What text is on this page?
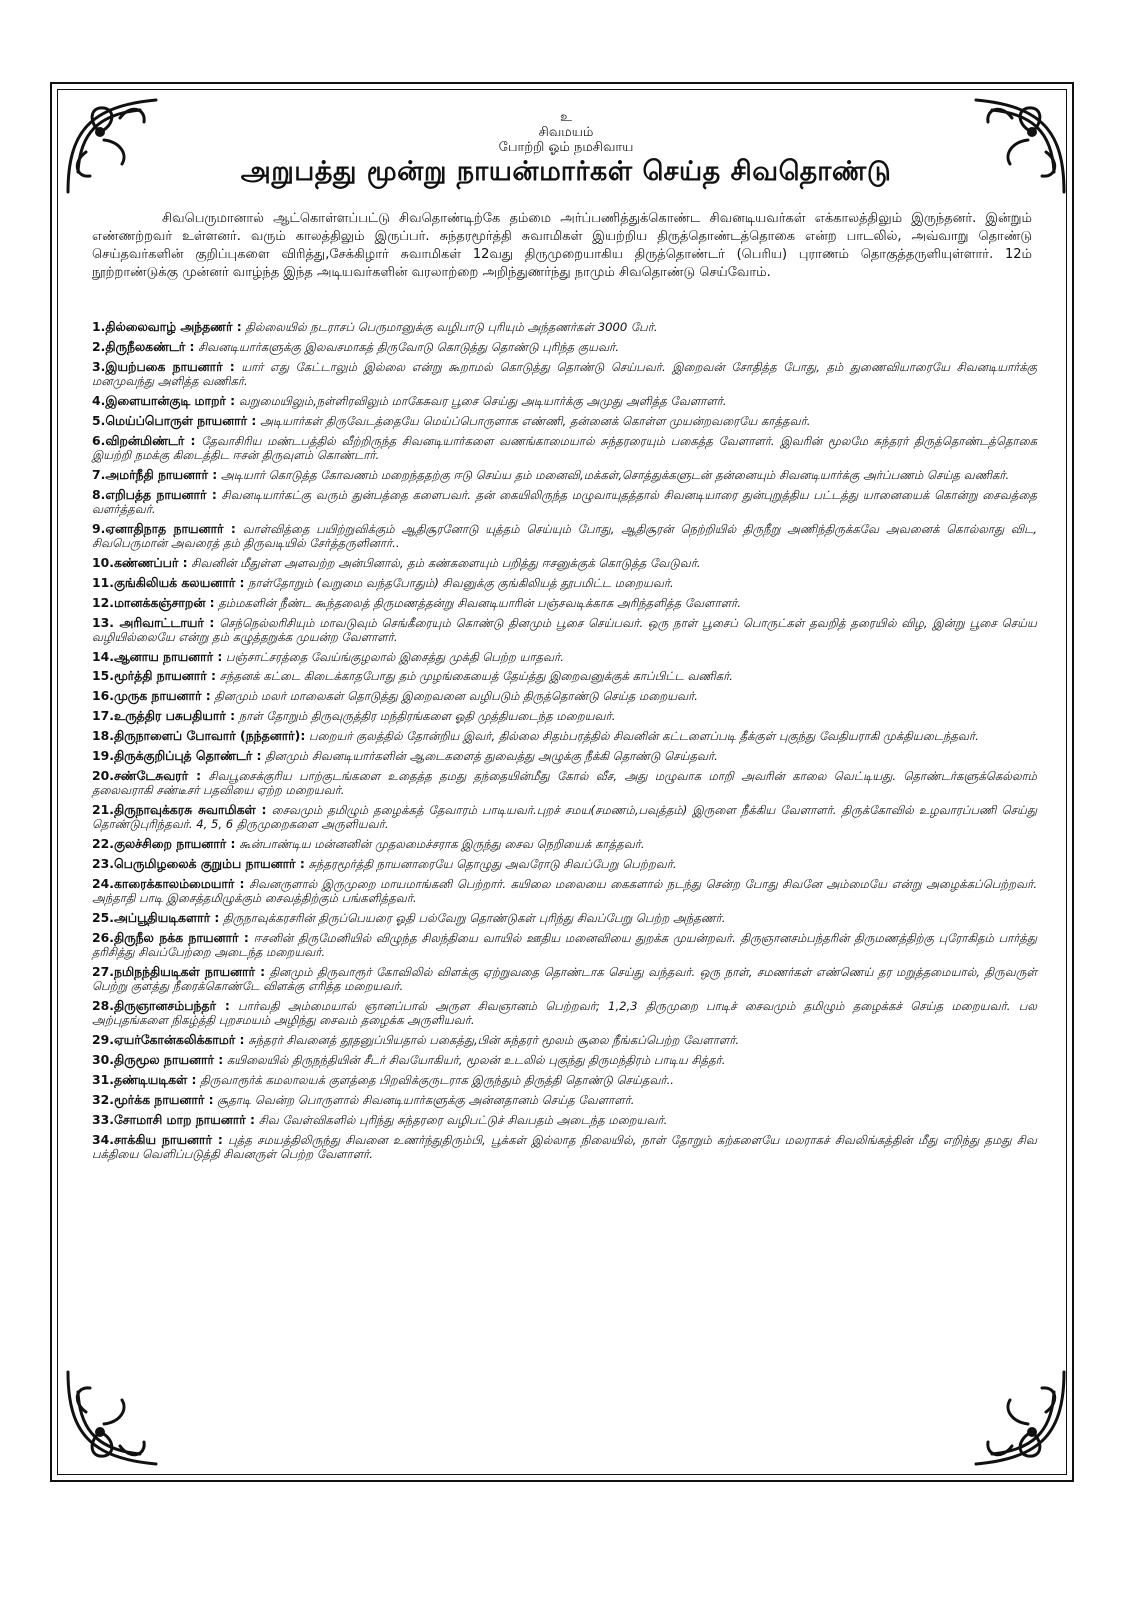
உ
சிவமயம்
போற்றி ஓம் நமசிவாய
அறுபத்து மூன்று நாயன்மார்கள் செய்த சிவதொண்டு

சிவபெருமானால் ஆட்கொள்ளப்பட்டு சிவதொண்டிற்கே தம்மை அர்ப்பணித்துக்கொண்ட சிவனடியவர்கள் எக்காலத்திலும் இருந்தனர். இன்றும் எண்ணற்றவர் உள்ளனர். வரும் காலத்திலும் இருப்பர். சுந்தரமூர்த்தி சுவாமிகள் இயற்றிய திருத்தொண்டத்தொகை என்ற பாடலில், அவ்வாறு தொண்டு செய்தவர்களின் குறிப்புகளை விரித்து,சேக்கிழார் சுவாமிகள் 12வது திருமுறையாகிய திருத்தொண்டர் (பெரிய) புராணம் தொகுத்தருளியுள்ளார். 12ம் நூற்றாண்டுக்கு முன்னர் வாழ்ந்த இந்த அடியவர்களின் வரலாற்றை அறிந்துணர்ந்து நாமும் சிவதொண்டு செய்வோம்.

1.தில்லைவாழ் அந்தணர் : தில்லையில் நடராசப் பெருமானுக்கு வழிபாடு புரியும் அந்தணர்கள் 3000 பேர்.
2.திருநீலகண்டர் : சிவனடியார்களுக்கு இலவசமாகத் திருவோடு கொடுத்து தொண்டு புரிந்த குயவர்.
3.இயற்பகை நாயனார் : யார் எது கேட்டாலும் இல்லை என்று கூறாமல் கொடுத்து தொண்டு செய்பவர். இறைவன் சோதித்த போது, தம் துணைவியாரையே சிவனடியார்க்கு மனமுவந்து அளித்த வணிகர்.
4.இளையான்குடி மாறர் : வறுமையிலும்,நள்ளிரவிலும் மாகேசுவர பூசை செய்து அடியார்க்கு அமுது அளித்த வேளாளர்.
5.மெய்ப்பொருள் நாயனார் : அடியார்கள் திருவேடத்தையே மெய்ப்பொருளாக எண்ணி, தன்னைக் கொள்ள முயன்றவரையே காத்தவர்.
6.விறன்மிண்டர் : தேவாசிரிய மண்டபத்தில் வீற்றிருந்த சிவனடியார்களை வணங்காமையால் சுந்தரரையும் பகைத்த வேளாளர். இவரின் மூலமே சுந்தரர் திருத்தொண்டத்தொகை இயற்றி நமக்கு கிடைத்திட ஈசன் திருவுளம் கொண்டார்.
7.அமர்நீதி நாயனார் : அடியார் கொடுத்த கோவணம் மறைந்ததற்கு ஈடு செய்ய தம் மனைவி,மக்கள்,சொத்துக்களுடன் தன்னையும் சிவனடியார்க்கு அர்ப்பணம் செய்த வணிகர்.
8.எறிபத்த நாயனார் : சிவனடியார்கட்கு வரும் துன்பத்தை களைபவர். தன் கையிலிருந்த மழுவாயுதத்தால் சிவனடியாரை துன்புறுத்திய பட்டத்து யானையைக் கொன்று சைவத்தை வளர்த்தவர்.
9.ஏனாதிநாத நாயனார் : வாள்வித்தை பயிற்றுவிக்கும் ஆதிசூரனோடு யுத்தம் செய்யும் போது, ஆதிசூரன் நெற்றியில் திருநீறு அணிந்திருக்கவே அவனைக் கொல்லாது விட, சிவபெருமான் அவரைத் தம் திருவடியில் சேர்த்தருளினார்..
10.கண்ணப்பர் : சிவனின் மீதுள்ள அளவற்ற அன்பினால், தம் கண்களையும் பறித்து ஈசனுக்குக் கொடுத்த வேடுவர்.
11.குங்கிலியக் கலயனார் : நாள்தோறும் (வறுமை வந்தபோதும்) சிவனுக்கு குங்கிலியத் தூபமிட்ட மறையவர்.
12.மானக்கஞ்சாறன் : தம்மகளின் நீண்ட கூந்தலைத் திருமணத்தன்று சிவனடியாரின் பஞ்சவடிக்காக அரிந்தளித்த வேளாளர்.
13. அரிவாட்டாயர் : செந்நெல்லரிசியும் மாவடுவும் செங்கீரையும் கொண்டு தினமும் பூசை செய்பவர். ஒரு நாள் பூசைப் பொருட்கள் தவறித் தரையில் விழ, இன்று பூசை செய்ய வழியில்லையே என்று தம் கழுத்தறுக்க முயன்ற வேளாளர்.
14.ஆனாய நாயனார் : பஞ்சாட்சரத்தை வேய்ங்குழலால் இசைத்து முக்தி பெற்ற யாதவர்.
15.மூர்த்தி நாயனார் : சந்தனக் கட்டை கிடைக்காதபோது தம் முழங்கையைத் தேய்த்து இறைவனுக்குக் காப்பிட்ட வணிகர்.
16.முருக நாயனார் : தினமும் மலர் மாலைகள் தொடுத்து இறைவனை வழிபடும் திருத்தொண்டு செய்த மறையவர்.
17.உருத்திர பசுபதியார் : நாள் தோறும் திருவுருத்திர மந்திரங்களை ஓதி முத்தியடைந்த மறையவர்.
18.திருநாளைப் போவார் (நந்தனார்): பறையர் குலத்தில் தோன்றிய இவர், தில்லை சிதம்பரத்தில் சிவனின் கட்டளைப்படி தீக்குள் புகுந்து வேதியராகி முக்தியடைந்தவர்.
19.திருக்குறிப்புத் தொண்டர் : தினமும் சிவனடியார்களின் ஆடைகளைத் துவைத்து அழுக்கு நீக்கி தொண்டு செய்தவர்.
20.சண்டேசுவரர் : சிவபூசைக்குரிய பாற்குடங்களை உதைத்த தமது தந்தையின்மீது கோல் வீச, அது மழுவாக மாறி அவரின் காலை வெட்டியது. தொண்டர்களுக்கெல்லாம் தலைவராகி சண்டீசர் பதவியை ஏற்ற மறையவர்.
21.திருநாவுக்கரசு சுவாமிகள் : சைவமும் தமிழும் தழைக்கத் தேவாரம் பாடியவர்.புறச் சமய(சமணம்,பவுத்தம்) இருளை நீக்கிய வேளாளர். திருக்கோவில் உழவாரப்பணி செய்து தொண்டுபுரிந்தவர். 4, 5, 6 திருமுறைகளை அருளியவர்.
22.குலச்சிறை நாயனார் : கூன்பாண்டிய மன்னனின் முதலமைச்சராக இருந்து சைவ நெறியைக் காத்தவர்.
23.பெருமிழலைக் குறும்ப நாயனார் : சுந்தரமூர்த்தி நாயனாரையே தொழுது அவரோடு சிவப்பேறு பெற்றவர்.
24.காரைக்காலம்மையார் : சிவனருளால் இருமுறை மாயமாங்கனி பெற்றார். கயிலை மலையை கைகளால் நடந்து சென்ற போது சிவனே அம்மையே என்று அழைக்கப்பெற்றவர். அந்தாதி பாடி இசைத்தமிழுக்கும் சைவத்திற்கும் பங்களித்தவர்.
25.அப்பூதியடிகளார் : திருநாவுக்கரசரின் திருப்பெயரை ஓதி பல்வேறு தொண்டுகள் புரிந்து சிவப்பேறு பெற்ற அந்தணர்.
26.திருநீல நக்க நாயனார் : ஈசனின் திருமேனியில் விழுந்த சிலந்தியை வாயில் ஊதிய மனைவியை துறக்க முயன்றவர். திருஞானசம்பந்தரின் திருமணத்திற்கு புரோகிதம் பார்த்து தரிசித்து சிவப்பேற்றை அடைந்த மறையவர்.
27.நமிநந்தியடிகள் நாயனார் : தினமும் திருவாரூர் கோவிலில் விளக்கு ஏற்றுவதை தொண்டாக செய்து வந்தவர். ஒரு நாள், சமணர்கள் எண்ணெய் தர மறுத்தமையால், திருவருள் பெற்று குளத்து நீரைக்கொண்டே விளக்கு எரித்த மறையவர்.
28.திருஞானசம்பந்தர் : பார்வதி அம்மையால் ஞானப்பால் அருள சிவஞானம் பெற்றவர்; 1,2,3 திருமுறை பாடிச் சைவமும் தமிழும் தழைக்கச் செய்த மறையவர். பல அற்புதங்களை நிகழ்த்தி புறசமயம் அழிந்து சைவம் தழைக்க அருளியவர்.
29.ஏயர்கோன்கலிக்காமர் : சுந்தரர் சிவனைத் தூதனுப்பியதால் பகைத்து,பின் சுந்தரர் மூலம் சூலை நீங்கப்பெற்ற வேளாளர்.
30.திருமூல நாயனார் : கயிலையில் திருநந்தியின் சீடர் சிவயோகியர், மூலன் உடலில் புகுந்து திருமந்திரம் பாடிய சித்தர்.
31.தண்டியடிகள் : திருவாரூர்க் கமலாலயக் குளத்தை பிறவிக்குருடராக இருந்தும் திருத்தி தொண்டு செய்தவர்..
32.மூர்க்க நாயனார் : சூதாடி வென்ற பொருளால் சிவனடியார்களுக்கு அன்னதானம் செய்த வேளாளர்.
33.சோமாசி மாற நாயனார் : சிவ வேள்விகளில் புரிந்து சுந்தரரை வழிபட்டுச் சிவபதம் அடைந்த மறையவர்.
34.சாக்கிய நாயனார் : புத்த சமயத்திலிருந்து சிவனை உணர்ந்துதிரும்பி, பூக்கள் இல்லாத நிலையில், நாள் தோறும் கற்களையே மலராகச் சிவலிங்கத்தின் மீது எறிந்து தமது சிவ பக்தியை வெளிப்படுத்தி சிவனருள் பெற்ற வேளாளர்.
